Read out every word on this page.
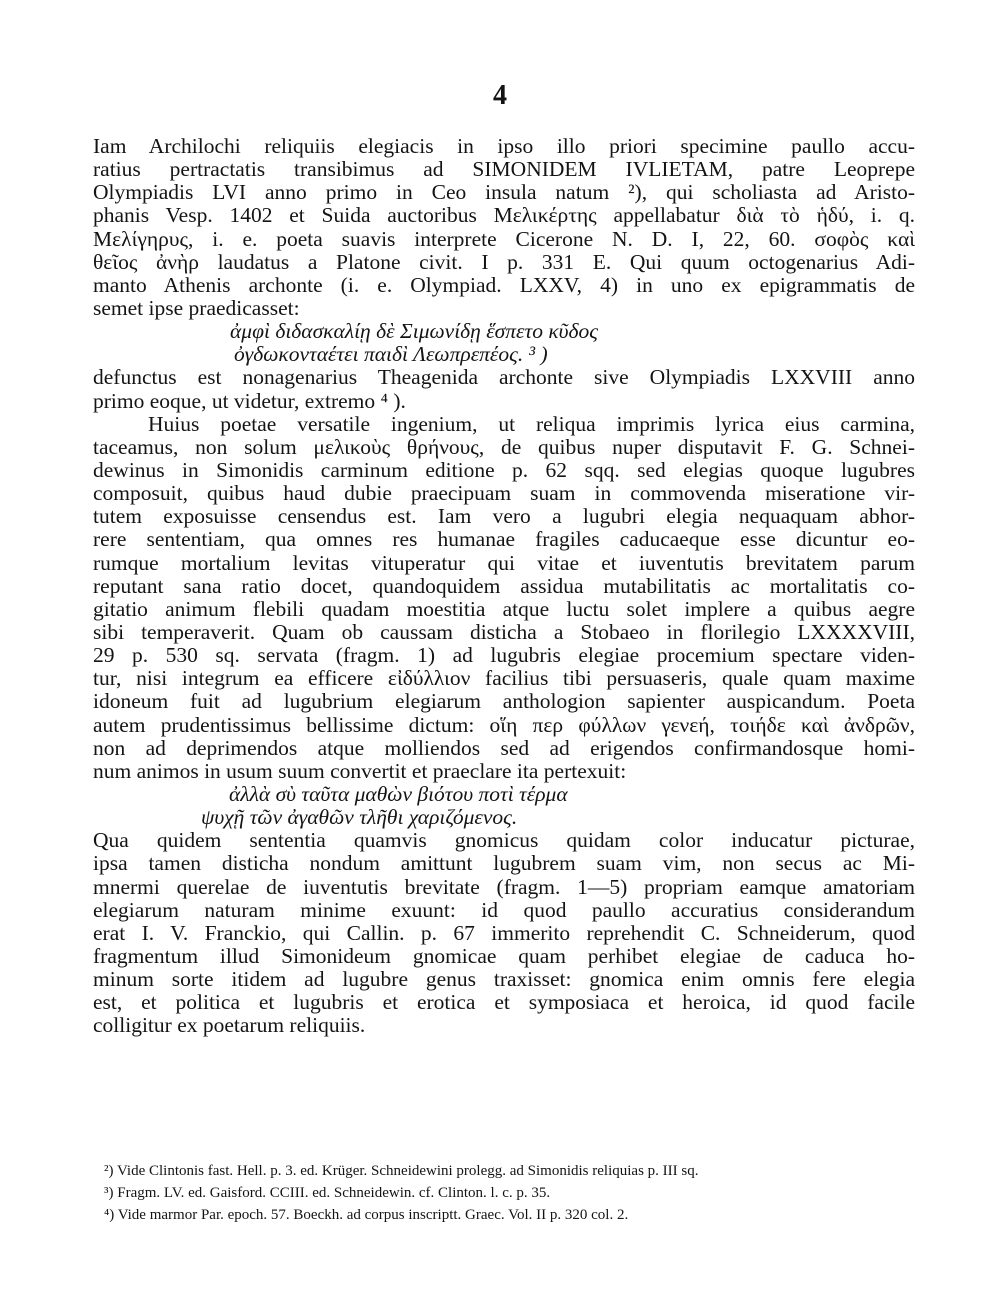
4
Iam Archilochi reliquiis elegiacis in ipso illo priori specimine paullo accu-
ratius pertractatis transibimus ad SIMONIDEM IVLIETAM, patre Leoprepe
Olympiadis LVI anno primo in Ceo insula natum ²), qui scholiasta ad Aristo-
phanis Vesp. 1402 et Suida auctoribus Μελικέρτης appellabatur διὰ τὸ ἡδύ, i. q.
Μελίγηρυς, i. e. poeta suavis interprete Cicerone N. D. I, 22, 60. σοφὸς καὶ
θεῖος ἀνὴρ laudatus a Platone civit. I p. 331 E. Qui quum octogenarius Adi-
manto Athenis archonte (i. e. Olympiad. LXXV, 4) in uno ex epigrammatis de
semet ipse praedicasset:
ἀμφὶ διδασκαλίῃ δὲ Σιμωνίδῃ ἕσπετο κῦδος
ὀγδωκονταέτει παιδὶ Λεωπρεπέος. ³ )
defunctus est nonagenarius Theagenida archonte sive Olympiadis LXXVIII anno
primo eoque, ut videtur, extremo ⁴ ).
Huius poetae versatile ingenium, ut reliqua imprimis lyrica eius carmina,
taceamus, non solum μελικοὺς θρήνους, de quibus nuper disputavit F. G. Schnei-
dewinus in Simonidis carminum editione p. 62 sqq. sed elegias quoque lugubres
composuit, quibus haud dubie praecipuam suam in commovenda miseratione vir-
tutem exposuisse censendus est. Iam vero a lugubri elegia nequaquam abhor-
rere sententiam, qua omnes res humanae fragiles caducaeque esse dicuntur eo-
rumque mortalium levitas vituperatur qui vitae et iuventutis brevitatem parum
reputant sana ratio docet, quandoquidem assidua mutabilitatis ac mortalitatis co-
gitatio animum flebili quadam moestitia atque luctu solet implere a quibus aegre
sibi temperaverit. Quam ob caussam disticha a Stobaeo in florilegio LXXXXVIII,
29 p. 530 sq. servata (fragm. 1) ad lugubris elegiae procemium spectare viden-
tur, nisi integrum ea efficere εἰδύλλιον facilius tibi persuaseris, quale quam maxime
idoneum fuit ad lugubrium elegiarum anthologion sapienter auspicandum. Poeta
autem prudentissimus bellissime dictum: οἵη περ φύλλων γενεή, τοιήδε καὶ ἀνδρῶν,
non ad deprimendos atque molliendos sed ad erigendos confirmandosque homi-
num animos in usum suum convertit et praeclare ita pertexuit:
ἀλλὰ σὺ ταῦτα μαθὼν βιότου ποτὶ τέρμα
ψυχῇ τῶν ἀγαθῶν τλῆθι χαριζόμενος.
Qua quidem sententia quamvis gnomicus quidam color inducatur picturae,
ipsa tamen disticha nondum amittunt lugubrem suam vim, non secus ac Mi-
mnermi querelae de iuventutis brevitate (fragm. 1—5) propriam eamque amatoriam
elegiarum naturam minime exuunt: id quod paullo accuratius considerandum
erat I. V. Franckio, qui Callin. p. 67 immerito reprehendit C. Schneiderum, quod
fragmentum illud Simonideum gnomicae quam perhibet elegiae de caduca ho-
minum sorte itidem ad lugubre genus traxisset: gnomica enim omnis fere elegia
est, et politica et lugubris et erotica et symposiaca et heroica, id quod facile
colligitur ex poetarum reliquiis.
²) Vide Clintonis fast. Hell. p. 3. ed. Krüger. Schneidewini prolegg. ad Simonidis reliquias p. III sq.
³) Fragm. LV. ed. Gaisford. CCIII. ed. Schneidewin. cf. Clinton. l. c. p. 35.
⁴) Vide marmor Par. epoch. 57. Boeckh. ad corpus inscriptt. Graec. Vol. II p. 320 col. 2.
